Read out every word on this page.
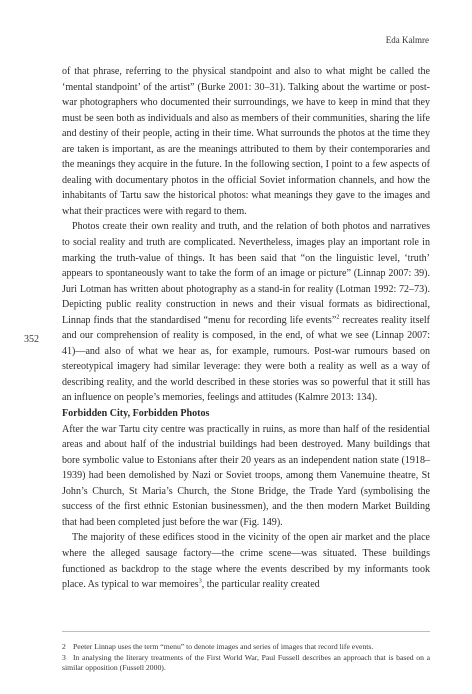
Eda Kalmre
352

of that phrase, referring to the physical standpoint and also to what might be called the ‘mental standpoint’ of the artist” (Burke 2001: 30–31). Talking about the wartime or post-war photographers who documented their surroundings, we have to keep in mind that they must be seen both as individuals and also as members of their communities, sharing the life and destiny of their people, acting in their time. What surrounds the photos at the time they are taken is important, as are the meanings attributed to them by their contemporaries and the meanings they acquire in the future. In the following section, I point to a few aspects of dealing with documentary photos in the official Soviet information channels, and how the inhabitants of Tartu saw the historical photos: what meanings they gave to the images and what their practices were with regard to them.

Photos create their own reality and truth, and the relation of both photos and narratives to social reality and truth are complicated. Nevertheless, images play an important role in marking the truth-value of things. It has been said that “on the linguistic level, ‘truth’ appears to spontaneously want to take the form of an image or picture” (Linnap 2007: 39). Juri Lotman has written about photography as a stand-in for reality (Lotman 1992: 72–73). Depicting public reality construction in news and their visual formats as bidirectional, Linnap finds that the standardised “menu for recording life events”$^2$ recreates reality itself and our comprehension of reality is composed, in the end, of what we see (Linnap 2007: 41)—and also of what we hear as, for example, rumours. Post-war rumours based on stereotypical imagery had similar leverage: they were both a reality as well as a way of describing reality, and the world described in these stories was so powerful that it still has an influence on people’s memories, feelings and attitudes (Kalmre 2013: 134).

Forbidden City, Forbidden Photos

After the war Tartu city centre was practically in ruins, as more than half of the residential areas and about half of the industrial buildings had been destroyed. Many buildings that bore symbolic value to Estonians after their 20 years as an independent nation state (1918–1939) had been demolished by Nazi or Soviet troops, among them Vanemuine theatre, St John’s Church, St Maria’s Church, the Stone Bridge, the Trade Yard (symbolising the success of the first ethnic Estonian businessmen), and the then modern Market Building that had been completed just before the war (Fig. 149).

The majority of these edifices stood in the vicinity of the open air market and the place where the alleged sausage factory—the crime scene—was situated. These buildings functioned as backdrop to the stage where the events described by my informants took place. As typical to war memoires$^3$, the particular reality created

2 Peeter Linnap uses the term “menu” to denote images and series of images that record life events.

3 In analysing the literary treatments of the First World War, Paul Fussell describes an approach that is based on a similar opposition (Fussell 2000).
